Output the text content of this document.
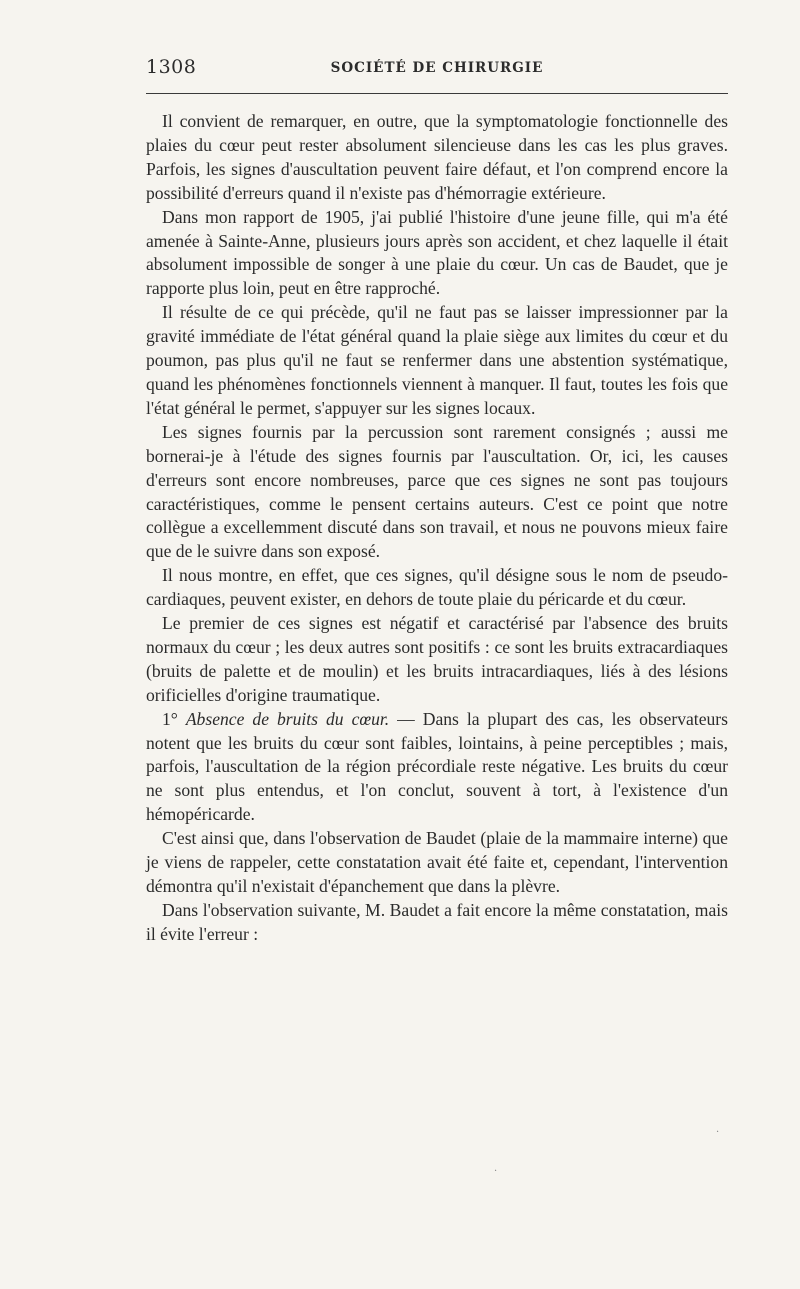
1308	SOCIÉTÉ DE CHIRURGIE

Il convient de remarquer, en outre, que la symptomatologie fonctionnelle des plaies du cœur peut rester absolument silencieuse dans les cas les plus graves. Parfois, les signes d'auscultation peuvent faire défaut, et l'on comprend encore la possibilité d'erreurs quand il n'existe pas d'hémorragie extérieure.

Dans mon rapport de 1905, j'ai publié l'histoire d'une jeune fille, qui m'a été amenée à Sainte-Anne, plusieurs jours après son accident, et chez laquelle il était absolument impossible de songer à une plaie du cœur. Un cas de Baudet, que je rapporte plus loin, peut en être rapproché.

Il résulte de ce qui précède, qu'il ne faut pas se laisser impressionner par la gravité immédiate de l'état général quand la plaie siège aux limites du cœur et du poumon, pas plus qu'il ne faut se renfermer dans une abstention systématique, quand les phénomènes fonctionnels viennent à manquer. Il faut, toutes les fois que l'état général le permet, s'appuyer sur les signes locaux.

Les signes fournis par la percussion sont rarement consignés ; aussi me bornerai-je à l'étude des signes fournis par l'auscultation. Or, ici, les causes d'erreurs sont encore nombreuses, parce que ces signes ne sont pas toujours caractéristiques, comme le pensent certains auteurs. C'est ce point que notre collègue a excellemment discuté dans son travail, et nous ne pouvons mieux faire que de le suivre dans son exposé.

Il nous montre, en effet, que ces signes, qu'il désigne sous le nom de pseudo-cardiaques, peuvent exister, en dehors de toute plaie du péricarde et du cœur.

Le premier de ces signes est négatif et caractérisé par l'absence des bruits normaux du cœur ; les deux autres sont positifs : ce sont les bruits extracardiaques (bruits de palette et de moulin) et les bruits intracardiaques, liés à des lésions orificielles d'origine traumatique.

1° Absence de bruits du cœur. — Dans la plupart des cas, les observateurs notent que les bruits du cœur sont faibles, lointains, à peine perceptibles ; mais, parfois, l'auscultation de la région précordiale reste négative. Les bruits du cœur ne sont plus entendus, et l'on conclut, souvent à tort, à l'existence d'un hémopéricarde.

C'est ainsi que, dans l'observation de Baudet (plaie de la mammaire interne) que je viens de rappeler, cette constatation avait été faite et, cependant, l'intervention démontra qu'il n'existait d'épanchement que dans la plèvre.

Dans l'observation suivante, M. Baudet a fait encore la même constatation, mais il évite l'erreur :

·
·
